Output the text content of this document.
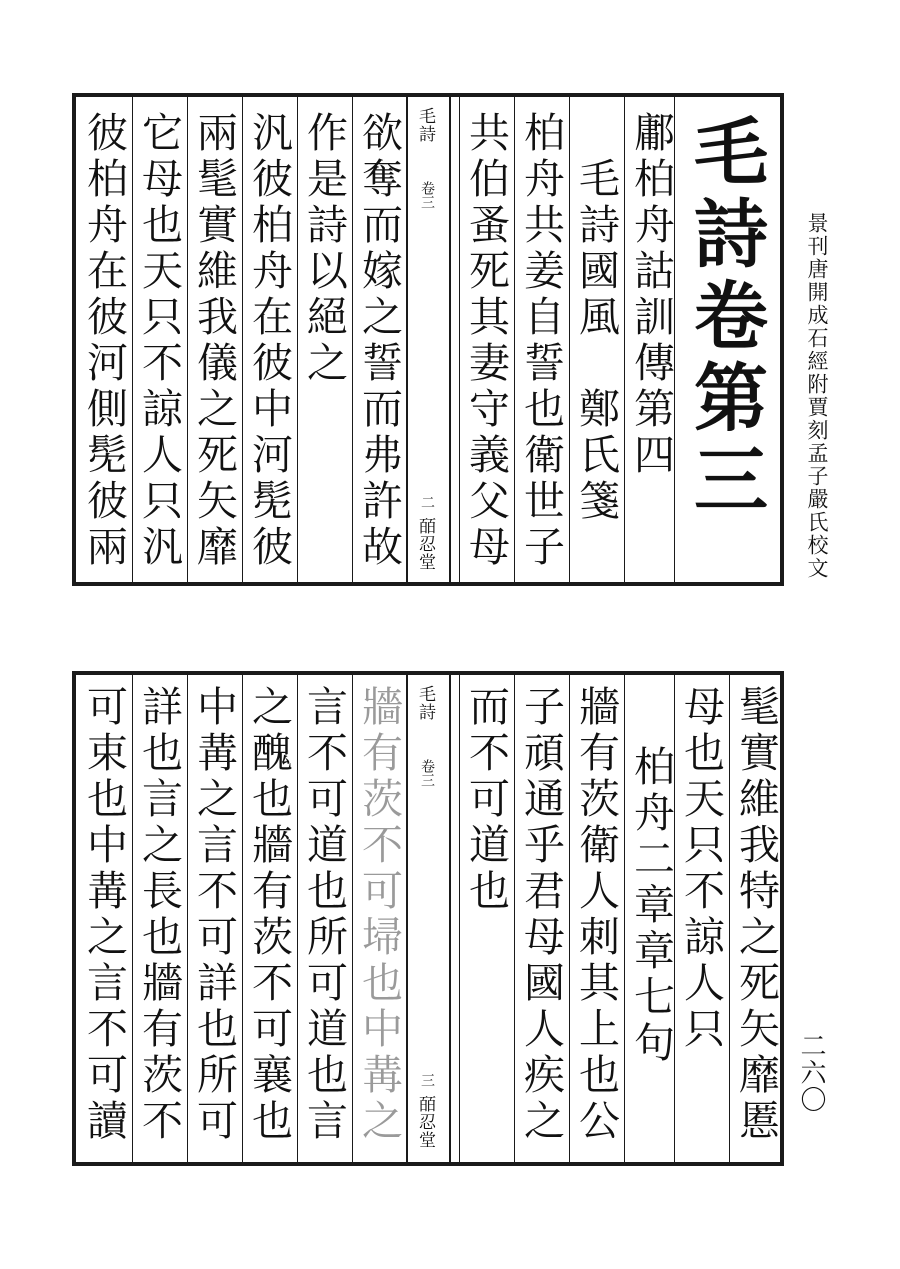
景刊唐開成石經附賈刻孟子嚴氏校文
二六〇
毛詩卷第三
鄘柏舟詁訓傳第四
毛詩國風　鄭氏箋
柏舟共姜自誓也衛世子
共伯蚤死其妻守義父母
毛詩
卷三
二
皕忍堂
欲奪而嫁之誓而弗許故
作是詩以絕之
汎彼柏舟在彼中河髧彼
兩髦實維我儀之死矢靡
它母也天只不諒人只汎
彼柏舟在彼河側髧彼兩
髦實維我特之死矢靡慝
母也天只不諒人只
柏舟二章章七句
牆有茨衛人刺其上也公
子頑通乎君母國人疾之
而不可道也
毛詩
卷三
三
皕忍堂
牆有茨不可埽也中冓之
言不可道也所可道也言
之醜也牆有茨不可襄也
中冓之言不可詳也所可
詳也言之長也牆有茨不
可束也中冓之言不可讀
